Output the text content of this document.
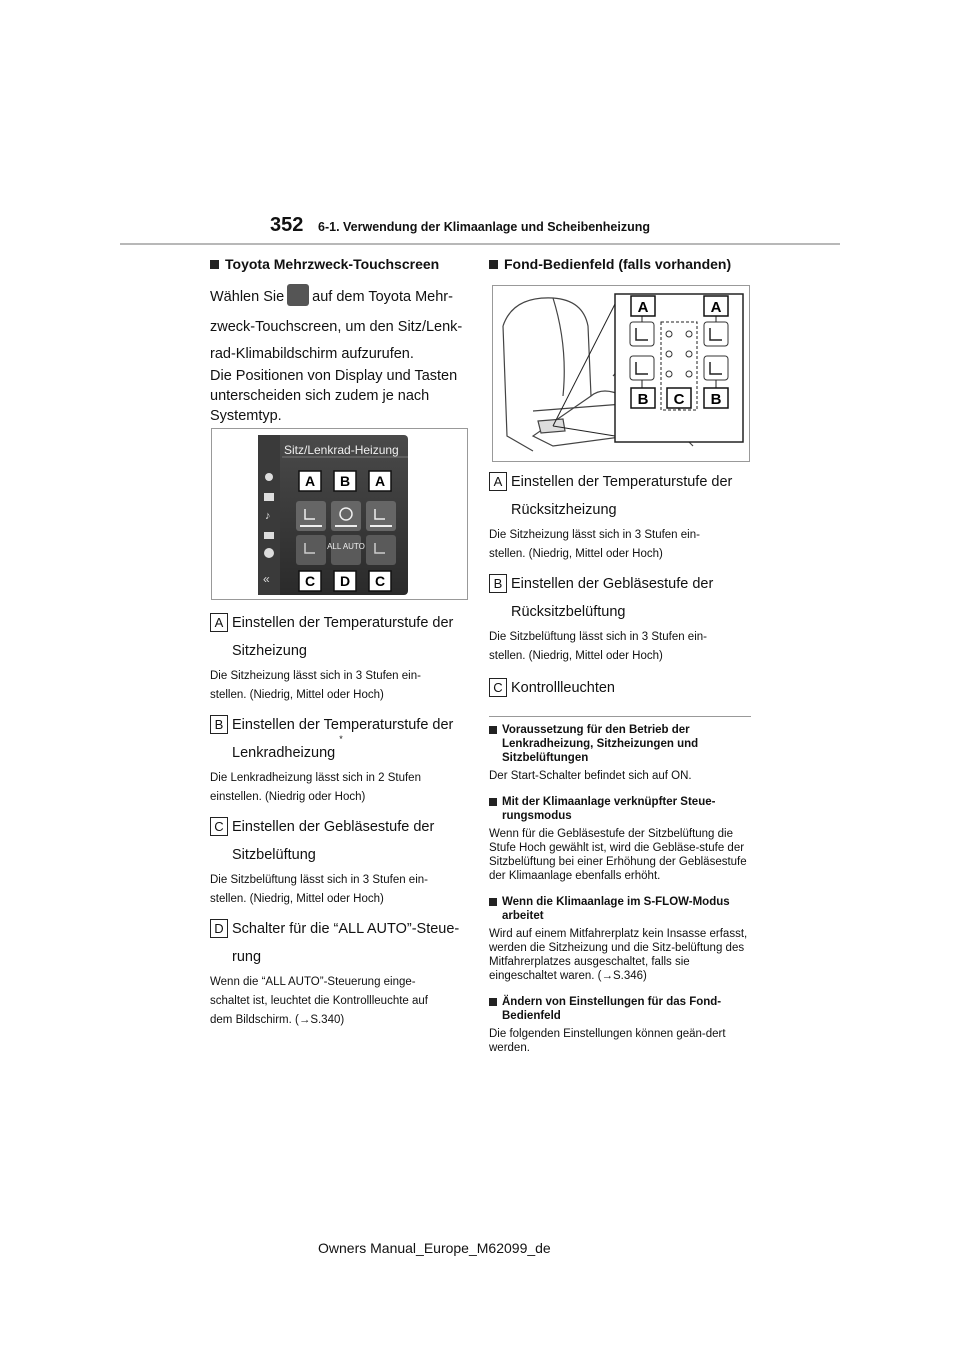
352 6-1. Verwendung der Klimaanlage und Scheibenheizung
Toyota Mehrzweck-Touchscreen
Wählen Sie auf dem Toyota Mehr-
zweck-Touchscreen, um den Sitz/Lenk-
rad-Klimabildschirm aufzurufen.
Die Positionen von Display und Tasten unterscheiden sich zudem je nach Systemtyp.
Sitz/Lenkrad-Heizung
♪
«
ALL AUTO
A B A
C D C
A Einstellen der Temperaturstufe der
Sitzheizung
Die Sitzheizung lässt sich in 3 Stufen ein-
stellen. (Niedrig, Mittel oder Hoch)
B Einstellen der Temperaturstufe der
Lenkradheizung
*
Die Lenkradheizung lässt sich in 2 Stufen
einstellen. (Niedrig oder Hoch)
C Einstellen der Gebläsestufe der
Sitzbelüftung
Die Sitzbelüftung lässt sich in 3 Stufen ein-
stellen. (Niedrig, Mittel oder Hoch)
D Schalter für die “ALL AUTO”-Steue-
rung
Wenn die “ALL AUTO”-Steuerung einge-
schaltet ist, leuchtet die Kontrollleuchte auf
dem Bildschirm. (→S.340)
Fond-Bedienfeld (falls vorhanden)
A	A
B C B
A Einstellen der Temperaturstufe der
Rücksitzheizung
Die Sitzheizung lässt sich in 3 Stufen ein-
stellen. (Niedrig, Mittel oder Hoch)
B Einstellen der Gebläsestufe der
Rücksitzbelüftung
Die Sitzbelüftung lässt sich in 3 Stufen ein-
stellen. (Niedrig, Mittel oder Hoch)
C Kontrollleuchten
Voraussetzung für den Betrieb der Lenkradheizung, Sitzheizungen und Sitzbelüftungen
Der Start-Schalter befindet sich auf ON.
Mit der Klimaanlage verknüpfter Steue-rungsmodus
Wenn für die Gebläsestufe der Sitzbelüftung die Stufe Hoch gewählt ist, wird die Gebläse-stufe der Sitzbelüftung bei einer Erhöhung der Gebläsestufe der Klimaanlage ebenfalls erhöht.
Wenn die Klimaanlage im S-FLOW-Modus arbeitet
Wird auf einem Mitfahrerplatz kein Insasse erfasst, werden die Sitzheizung und die Sitz-belüftung des Mitfahrerplatzes ausgeschaltet, falls sie eingeschaltet waren. (→S.346)
Ändern von Einstellungen für das Fond-Bedienfeld
Die folgenden Einstellungen können geän-dert werden.
Owners Manual_Europe_M62099_de
